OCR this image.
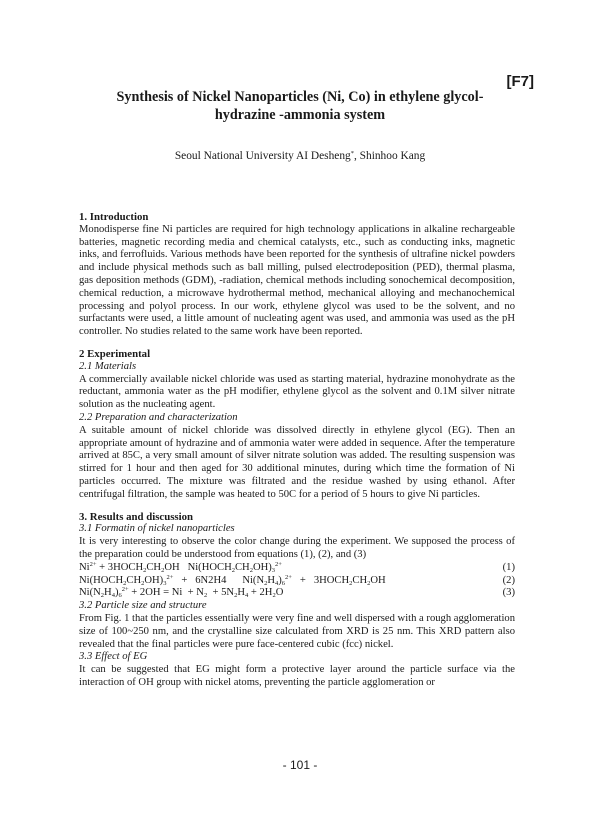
[F7]
Synthesis of Nickel Nanoparticles (Ni, Co) in ethylene glycol-
hydrazine -ammonia system
Seoul National University AI Desheng*, Shinhoo Kang

1. Introduction

Monodisperse fine Ni particles are required for high technology applications in alkaline rechargeable batteries, magnetic recording media and chemical catalysts, etc., such as conducting inks, magnetic inks, and ferrofluids. Various methods have been reported for the synthesis of ultrafine nickel powders and include physical methods such as ball milling, pulsed electrodeposition (PED), thermal plasma, gas deposition methods (GDM), -radiation, chemical methods including sonochemical decomposition, chemical reduction, a microwave hydrothermal method, mechanical alloying and mechanochemical processing and polyol process. In our work, ethylene glycol was used to be the solvent, and no surfactants were used, a little amount of nucleating agent was used, and ammonia was used as the pH controller. No studies related to the same work have been reported.

2 Experimental

2.1 Materials

A commercially available nickel chloride was used as starting material, hydrazine monohydrate as the reductant, ammonia water as the pH modifier, ethylene glycol as the solvent and 0.1M silver nitrate solution as the nucleating agent.

2.2 Preparation and characterization

A suitable amount of nickel chloride was dissolved directly in ethylene glycol (EG). Then an appropriate amount of hydrazine and of ammonia water were added in sequence. After the temperature arrived at 85C, a very small amount of silver nitrate solution was added. The resulting suspension was stirred for 1 hour and then aged for 30 additional minutes, during which time the formation of Ni particles occurred. The mixture was filtrated and the residue washed by using ethanol. After centrifugal filtration, the sample was heated to 50C for a period of 5 hours to give Ni particles.

3. Results and discussion

3.1 Formatin of nickel nanoparticles

It is very interesting to observe the color change during the experiment. We supposed the process of the preparation could be understood from equations (1), (2), and (3)

$Ni^{2+}$ + $3HOCH_2CH_2OH$   $Ni(HOCH_2CH_2OH)_3^{2+}$	(1)
$Ni(HOCH_2CH_2OH)_3^{2+} + 6N2H4$      $Ni(N_2H_4)_6^{2+}$   +   $3HOCH_2CH_2OH$	(2)
$Ni(N_2H_4)_6^{2+} + 2OH = Ni + N_2 + 5N_2H_4 + 2H_2O$	(3)

3.2 Particle size and structure

From Fig. 1 that the particles essentially were very fine and well dispersed with a rough agglomeration size of 100~250 nm, and the crystalline size calculated from XRD is 25 nm. This XRD pattern also revealed that the final particles were pure face-centered cubic (fcc) nickel.

3.3 Effect of EG

It can be suggested that EG might form a protective layer around the particle surface via the interaction of OH group with nickel atoms, preventing the particle agglomeration or

- 101 -
